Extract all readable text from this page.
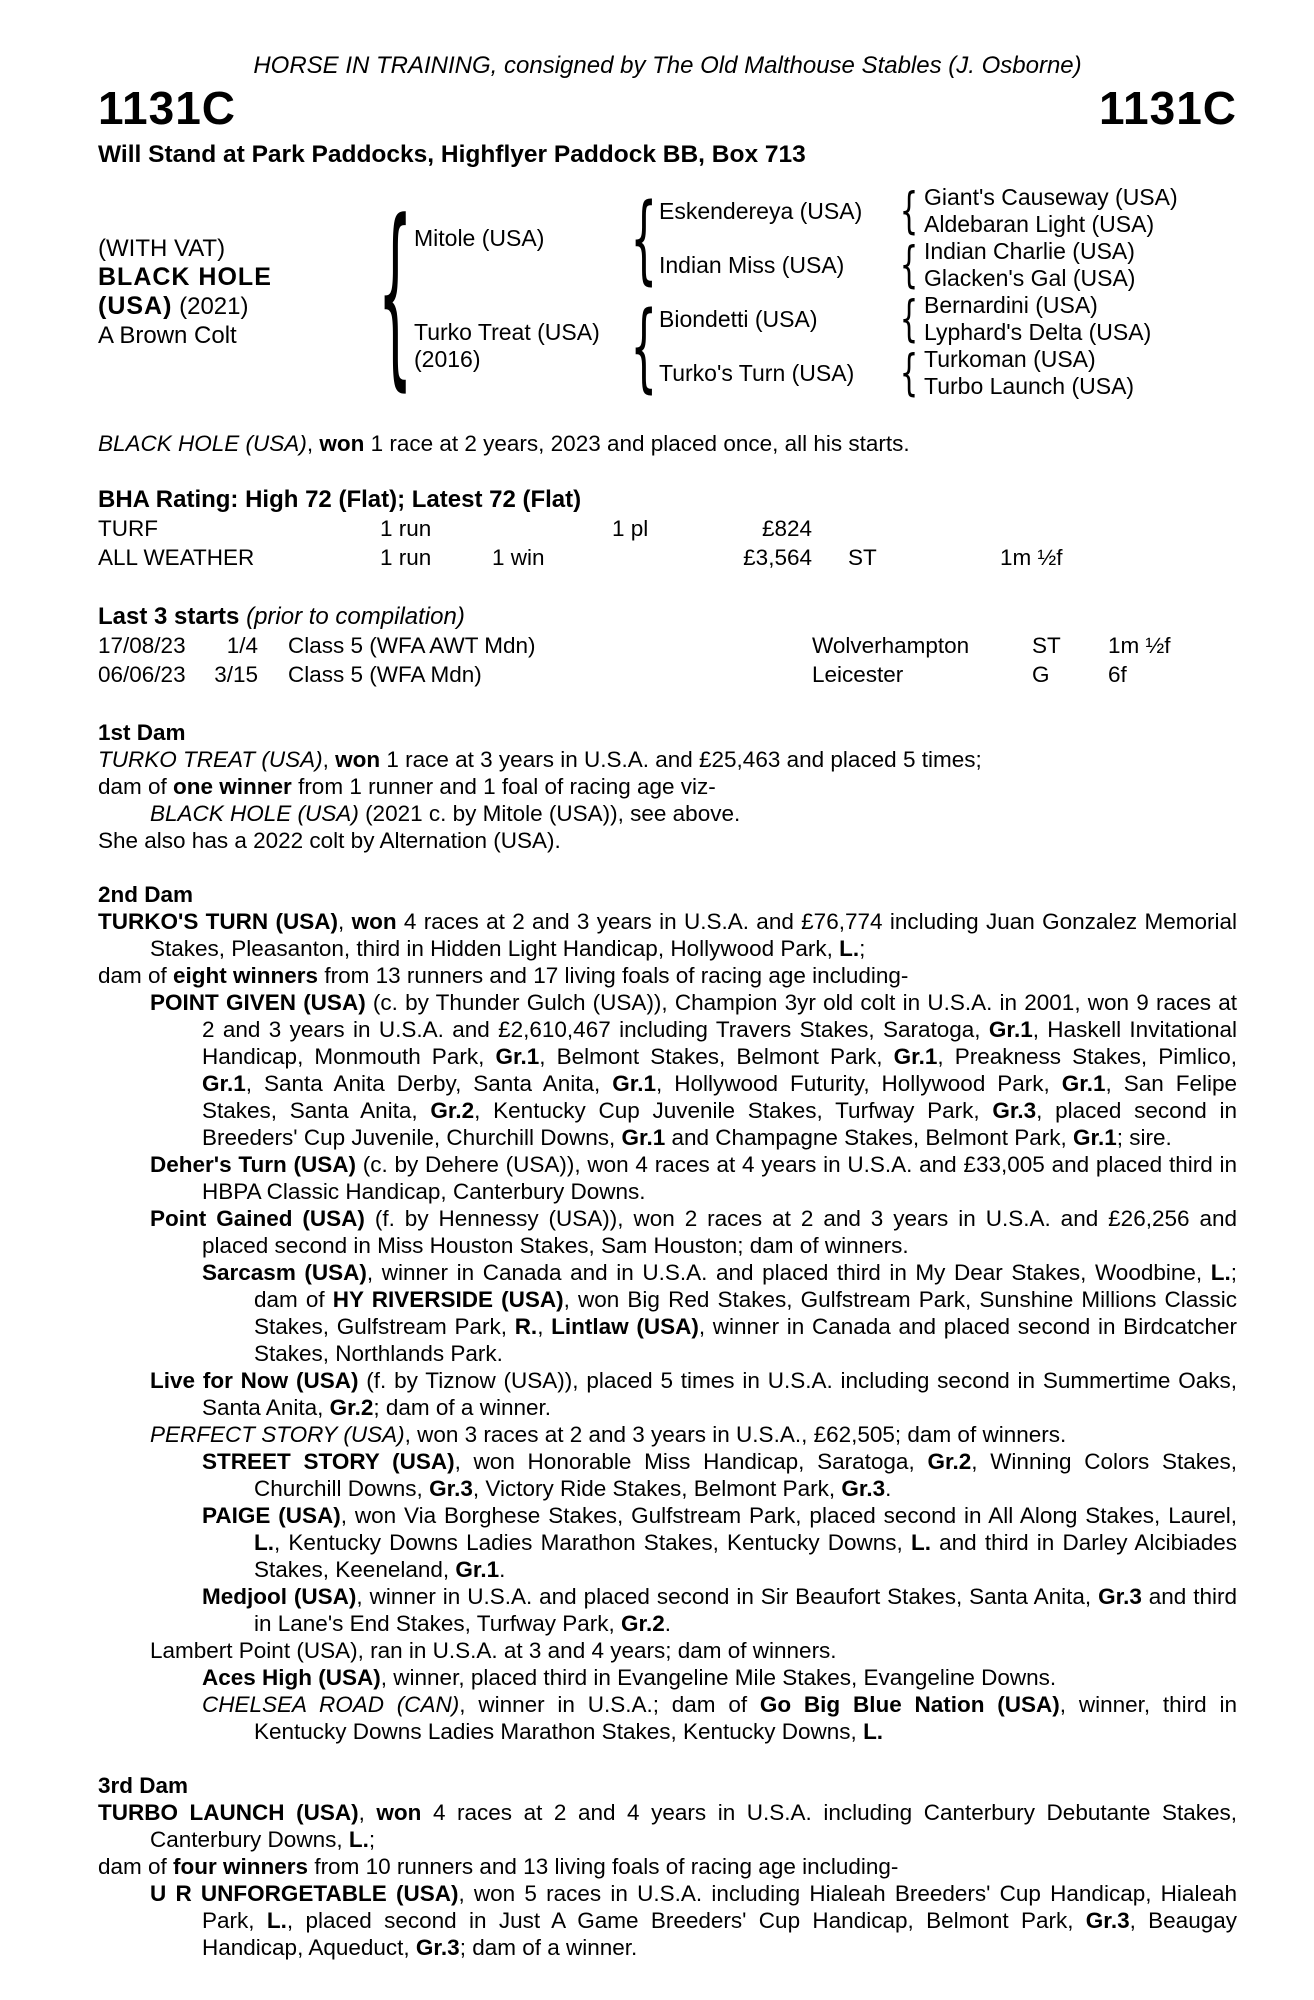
HORSE IN TRAINING, consigned by The Old Malthouse Stables (J. Osborne)
1131C	1131C
Will Stand at Park Paddocks, Highflyer Paddock BB, Box 713
(WITH VAT)
BLACK HOLE
(USA) (2021)
A Brown Colt	{ Mitole (USA)
Turko Treat (USA)
(2016)
{
{
Eskendereya (USA)
Indian Miss (USA)
Biondetti (USA)
Turko's Turn (USA)
{
{
{
{
Giant's Causeway (USA)
Aldebaran Light (USA)
Indian Charlie (USA)
Glacken's Gal (USA)
Bernardini (USA)
Lyphard's Delta (USA)
Turkoman (USA)
Turbo Launch (USA)

BLACK HOLE (USA), won 1 race at 2 years, 2023 and placed once, all his starts.

BHA Rating: High 72 (Flat); Latest 72 (Flat)
TURF	1 run	1 pl	£824
ALL WEATHER	1 run	1 win	£3,564	ST	1m ½f
Last 3 starts (prior to compilation)
17/08/23	1/4	Class 5 (WFA AWT Mdn)	Wolverhampton	ST	1m ½f
06/06/23	3/15	Class 5 (WFA Mdn)	Leicester	G	6f
1st Dam

TURKO TREAT (USA), won 1 race at 3 years in U.S.A. and £25,463 and placed 5 times;

dam of one winner from 1 runner and 1 foal of racing age viz-

BLACK HOLE (USA) (2021 c. by Mitole (USA)), see above.

She also has a 2022 colt by Alternation (USA).

2nd Dam

TURKO'S TURN (USA), won 4 races at 2 and 3 years in U.S.A. and £76,774 including Juan Gonzalez Memorial Stakes, Pleasanton, third in Hidden Light Handicap, Hollywood Park, L.;

dam of eight winners from 13 runners and 17 living foals of racing age including-

POINT GIVEN (USA) (c. by Thunder Gulch (USA)), Champion 3yr old colt in U.S.A. in 2001, won 9 races at 2 and 3 years in U.S.A. and £2,610,467 including Travers Stakes, Saratoga, Gr.1, Haskell Invitational Handicap, Monmouth Park, Gr.1, Belmont Stakes, Belmont Park, Gr.1, Preakness Stakes, Pimlico, Gr.1, Santa Anita Derby, Santa Anita, Gr.1, Hollywood Futurity, Hollywood Park, Gr.1, San Felipe Stakes, Santa Anita, Gr.2, Kentucky Cup Juvenile Stakes, Turfway Park, Gr.3, placed second in Breeders' Cup Juvenile, Churchill Downs, Gr.1 and Champagne Stakes, Belmont Park, Gr.1; sire.

Deher's Turn (USA) (c. by Dehere (USA)), won 4 races at 4 years in U.S.A. and £33,005 and placed third in HBPA Classic Handicap, Canterbury Downs.

Point Gained (USA) (f. by Hennessy (USA)), won 2 races at 2 and 3 years in U.S.A. and £26,256 and placed second in Miss Houston Stakes, Sam Houston; dam of winners.

Sarcasm (USA), winner in Canada and in U.S.A. and placed third in My Dear Stakes, Woodbine, L.; dam of HY RIVERSIDE (USA), won Big Red Stakes, Gulfstream Park, Sunshine Millions Classic Stakes, Gulfstream Park, R., Lintlaw (USA), winner in Canada and placed second in Birdcatcher Stakes, Northlands Park.

Live for Now (USA) (f. by Tiznow (USA)), placed 5 times in U.S.A. including second in Summertime Oaks, Santa Anita, Gr.2; dam of a winner.

PERFECT STORY (USA), won 3 races at 2 and 3 years in U.S.A., £62,505; dam of winners.

STREET STORY (USA), won Honorable Miss Handicap, Saratoga, Gr.2, Winning Colors Stakes, Churchill Downs, Gr.3, Victory Ride Stakes, Belmont Park, Gr.3.

PAIGE (USA), won Via Borghese Stakes, Gulfstream Park, placed second in All Along Stakes, Laurel, L., Kentucky Downs Ladies Marathon Stakes, Kentucky Downs, L. and third in Darley Alcibiades Stakes, Keeneland, Gr.1.

Medjool (USA), winner in U.S.A. and placed second in Sir Beaufort Stakes, Santa Anita, Gr.3 and third in Lane's End Stakes, Turfway Park, Gr.2.

Lambert Point (USA), ran in U.S.A. at 3 and 4 years; dam of winners.

Aces High (USA), winner, placed third in Evangeline Mile Stakes, Evangeline Downs.

CHELSEA ROAD (CAN), winner in U.S.A.; dam of Go Big Blue Nation (USA), winner, third in Kentucky Downs Ladies Marathon Stakes, Kentucky Downs, L.

3rd Dam

TURBO LAUNCH (USA), won 4 races at 2 and 4 years in U.S.A. including Canterbury Debutante Stakes, Canterbury Downs, L.;

dam of four winners from 10 runners and 13 living foals of racing age including-

U R UNFORGETABLE (USA), won 5 races in U.S.A. including Hialeah Breeders' Cup Handicap, Hialeah Park, L., placed second in Just A Game Breeders' Cup Handicap, Belmont Park, Gr.3, Beaugay Handicap, Aqueduct, Gr.3; dam of a winner.
